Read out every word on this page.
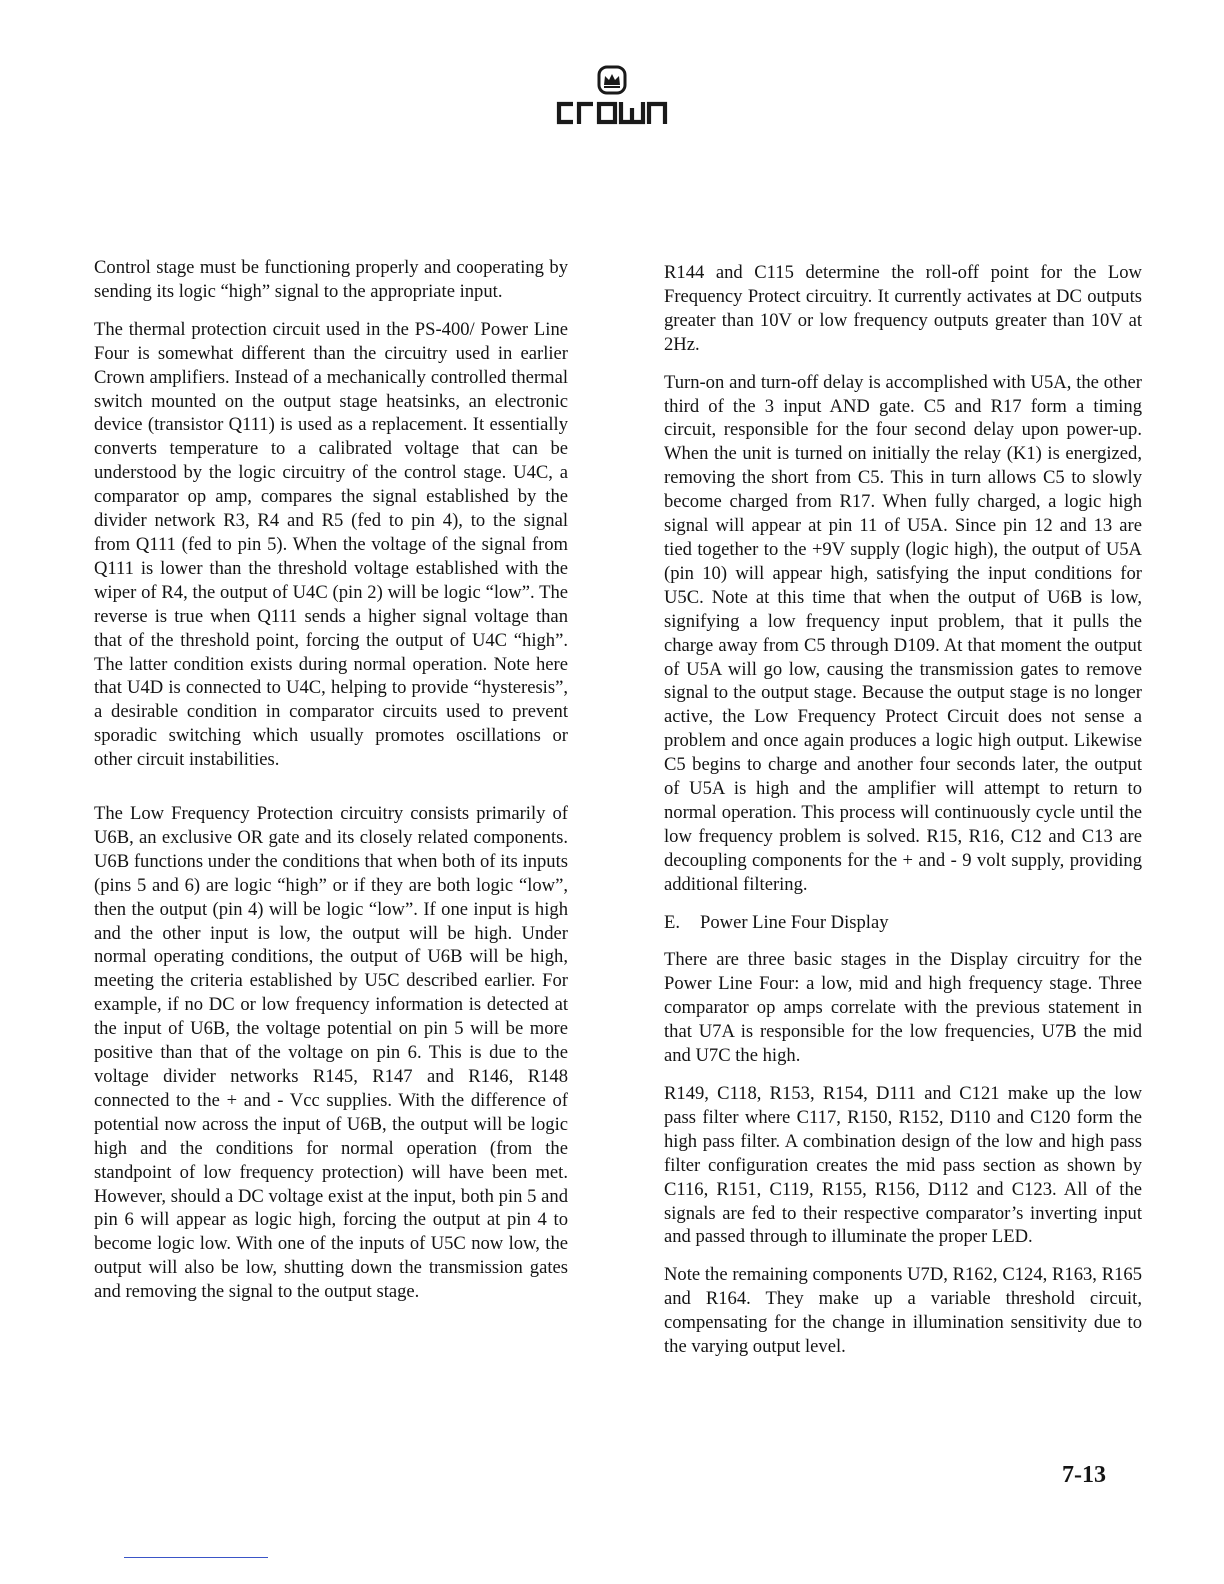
Control stage must be functioning properly and cooperating by sending its logic “high” signal to the appropriate input.

The thermal protection circuit used in the PS-400/ Power Line Four is somewhat different than the circuitry used in earlier Crown amplifiers. Instead of a mechanically controlled thermal switch mounted on the output stage heatsinks, an electronic device (transistor Q111) is used as a replacement. It essentially converts temperature to a calibrated voltage that can be understood by the logic circuitry of the control stage. U4C, a comparator op amp, compares the signal established by the divider network R3, R4 and R5 (fed to pin 4), to the signal from Q111 (fed to pin 5). When the voltage of the signal from Q111 is lower than the threshold voltage established with the wiper of R4, the output of U4C (pin 2) will be logic “low”. The reverse is true when Q111 sends a higher signal voltage than that of the threshold point, forcing the output of U4C “high”. The latter condition exists during normal operation. Note here that U4D is connected to U4C, helping to provide “hysteresis”, a desirable condition in comparator circuits used to prevent sporadic switching which usually promotes oscillations or other circuit instabilities.

The Low Frequency Protection circuitry consists primarily of U6B, an exclusive OR gate and its closely related components. U6B functions under the conditions that when both of its inputs (pins 5 and 6) are logic “high” or if they are both logic “low”, then the output (pin 4) will be logic “low”. If one input is high and the other input is low, the output will be high. Under normal operating conditions, the output of U6B will be high, meeting the criteria established by U5C described earlier. For example, if no DC or low frequency information is detected at the input of U6B, the voltage potential on pin 5 will be more positive than that of the voltage on pin 6. This is due to the voltage divider networks R145, R147 and R146, R148 connected to the + and - Vcc supplies. With the difference of potential now across the input of U6B, the output will be logic high and the conditions for normal operation (from the standpoint of low frequency protection) will have been met. However, should a DC voltage exist at the input, both pin 5 and pin 6 will appear as logic high, forcing the output at pin 4 to become logic low. With one of the inputs of U5C now low, the output will also be low, shutting down the transmission gates and removing the signal to the output stage.

R144 and C115 determine the roll-off point for the Low Frequency Protect circuitry. It currently activates at DC outputs greater than 10V or low frequency outputs greater than 10V at 2Hz.

Turn-on and turn-off delay is accomplished with U5A, the other third of the 3 input AND gate. C5 and R17 form a timing circuit, responsible for the four second delay upon power-up. When the unit is turned on initially the relay (K1) is energized, removing the short from C5. This in turn allows C5 to slowly become charged from R17. When fully charged, a logic high signal will appear at pin 11 of U5A. Since pin 12 and 13 are tied together to the +9V supply (logic high), the output of U5A (pin 10) will appear high, satisfying the input conditions for U5C. Note at this time that when the output of U6B is low, signifying a low frequency input problem, that it pulls the charge away from C5 through D109. At that moment the output of U5A will go low, causing the transmission gates to remove signal to the output stage. Because the output stage is no longer active, the Low Frequency Protect Circuit does not sense a problem and once again produces a logic high output. Likewise C5 begins to charge and another four seconds later, the output of U5A is high and the amplifier will attempt to return to normal operation. This process will continuously cycle until the low frequency problem is solved. R15, R16, C12 and C13 are decoupling components for the + and - 9 volt supply, providing additional filtering.

E. Power Line Four Display

There are three basic stages in the Display circuitry for the Power Line Four: a low, mid and high frequency stage. Three comparator op amps correlate with the previous statement in that U7A is responsible for the low frequencies, U7B the mid and U7C the high.

R149, C118, R153, R154, D111 and C121 make up the low pass filter where C117, R150, R152, D110 and C120 form the high pass filter. A combination design of the low and high pass filter configuration creates the mid pass section as shown by C116, R151, C119, R155, R156, D112 and C123. All of the signals are fed to their respective comparator’s inverting input and passed through to illuminate the proper LED.

Note the remaining components U7D, R162, C124, R163, R165 and R164. They make up a variable threshold circuit, compensating for the change in illumination sensitivity due to the varying output level.

7-13
